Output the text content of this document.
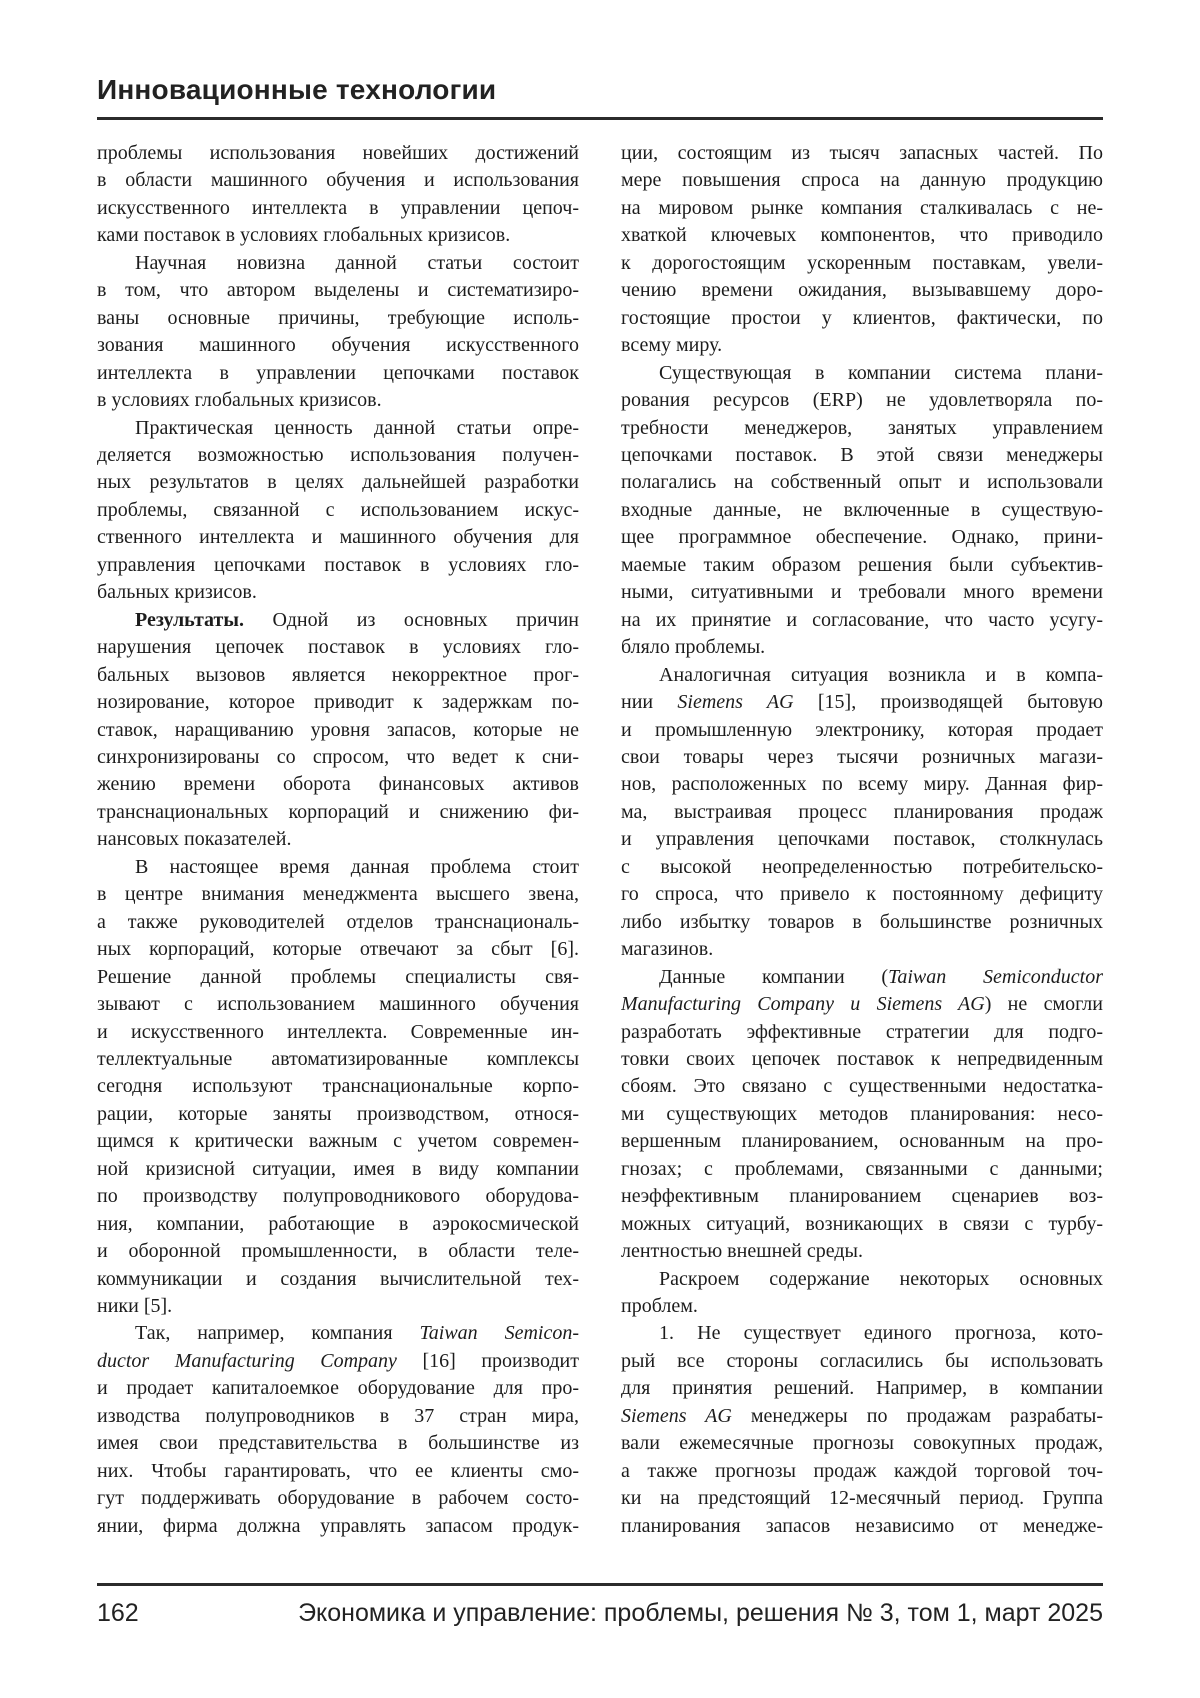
Инновационные технологии
проблемы использования новейших достижений
в области машинного обучения и использования
искусственного интеллекта в управлении цепоч-
ками поставок в условиях глобальных кризисов.
Научная новизна данной статьи состоит
в том, что автором выделены и систематизиро-
ваны основные причины, требующие исполь-
зования машинного обучения искусственного
интеллекта в управлении цепочками поставок
в условиях глобальных кризисов.
Практическая ценность данной статьи опре-
деляется возможностью использования получен-
ных результатов в целях дальнейшей разработки
проблемы, связанной с использованием искус-
ственного интеллекта и машинного обучения для
управления цепочками поставок в условиях гло-
бальных кризисов.
Результаты. Одной из основных причин
нарушения цепочек поставок в условиях гло-
бальных вызовов является некорректное прог-
нозирование, которое приводит к задержкам по-
ставок, наращиванию уровня запасов, которые не
синхронизированы со спросом, что ведет к сни-
жению времени оборота финансовых активов
транснациональных корпораций и снижению фи-
нансовых показателей.
В настоящее время данная проблема стоит
в центре внимания менеджмента высшего звена,
а также руководителей отделов транснациональ-
ных корпораций, которые отвечают за сбыт [6].
Решение данной проблемы специалисты свя-
зывают с использованием машинного обучения
и искусственного интеллекта. Современные ин-
теллектуальные автоматизированные комплексы
сегодня используют транснациональные корпо-
рации, которые заняты производством, относя-
щимся к критически важным с учетом современ-
ной кризисной ситуации, имея в виду компании
по производству полупроводникового оборудова-
ния, компании, работающие в аэрокосмической
и оборонной промышленности, в области теле-
коммуникации и создания вычислительной тех-
ники [5].
Так, например, компания Taiwan Semicon-
ductor Manufacturing Company [16] производит
и продает капиталоемкое оборудование для про-
изводства полупроводников в 37 стран мира,
имея свои представительства в большинстве из
них. Чтобы гарантировать, что ее клиенты смо-
гут поддерживать оборудование в рабочем состо-
янии, фирма должна управлять запасом продук-
ции, состоящим из тысяч запасных частей. По
мере повышения спроса на данную продукцию
на мировом рынке компания сталкивалась с не-
хваткой ключевых компонентов, что приводило
к дорогостоящим ускоренным поставкам, увели-
чению времени ожидания, вызывавшему доро-
гостоящие простои у клиентов, фактически, по
всему миру.
Существующая в компании система плани-
рования ресурсов (ERP) не удовлетворяла по-
требности менеджеров, занятых управлением
цепочками поставок. В этой связи менеджеры
полагались на собственный опыт и использовали
входные данные, не включенные в существую-
щее программное обеспечение. Однако, прини-
маемые таким образом решения были субъектив-
ными, ситуативными и требовали много времени
на их принятие и согласование, что часто усугу-
бляло проблемы.
Аналогичная ситуация возникла и в компа-
нии Siemens AG [15], производящей бытовую
и промышленную электронику, которая продает
свои товары через тысячи розничных магази-
нов, расположенных по всему миру. Данная фир-
ма, выстраивая процесс планирования продаж
и управления цепочками поставок, столкнулась
с высокой неопределенностью потребительско-
го спроса, что привело к постоянному дефициту
либо избытку товаров в большинстве розничных
магазинов.
Данные компании (Taiwan Semiconductor
Manufacturing Company и Siemens AG) не смогли
разработать эффективные стратегии для подго-
товки своих цепочек поставок к непредвиденным
сбоям. Это связано с существенными недостатка-
ми существующих методов планирования: несо-
вершенным планированием, основанным на про-
гнозах; с проблемами, связанными с данными;
неэффективным планированием сценариев воз-
можных ситуаций, возникающих в связи с турбу-
лентностью внешней среды.
Раскроем содержание некоторых основных
проблем.
1. Не существует единого прогноза, кото-
рый все стороны согласились бы использовать
для принятия решений. Например, в компании
Siemens AG менеджеры по продажам разрабаты-
вали ежемесячные прогнозы совокупных продаж,
а также прогнозы продаж каждой торговой точ-
ки на предстоящий 12-месячный период. Группа
планирования запасов независимо от менедже-
162	Экономика и управление: проблемы, решения № 3, том 1, март 2025
